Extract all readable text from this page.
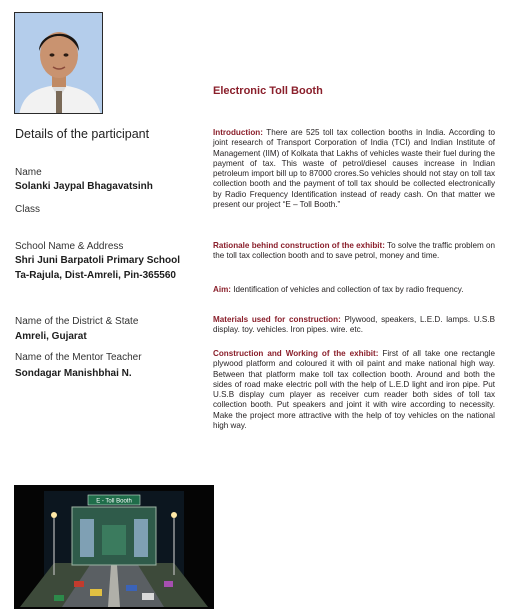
Details of the participant
Name
Solanki Jaypal Bhagavatsinh
Class
School Name & Address
Shri Juni Barpatoli Primary School
Ta-Rajula, Dist-Amreli, Pin-365560
Name of the District & State
Amreli, Gujarat
Name of the Mentor Teacher
Sondagar Manishbhai N.
Electronic Toll Booth
Introduction: There are 525 toll tax collection booths in India. According to joint research of Transport Corporation of India (TCI) and Indian Institute of Management (IIM) of Kolkata that Lakhs of vehicles waste their fuel during the payment of tax. This waste of petrol/diesel causes increase in Indian petroleum import bill up to 87000 crores.So vehicles should not stay on toll tax collection booth and the payment of toll tax should be collected electronically by Radio Frequency Identification instead of ready cash. On that matter we present our project “E – Toll Booth.”
Rationale behind construction of the exhibit: To solve the traffic problem on the toll tax collection booth and to save petrol, money and time.
Aim: Identification of vehicles and collection of tax by radio frequency.
Materials used for construction: Plywood, speakers, L.E.D. lamps. U.S.B display. toy. vehicles. Iron pipes. wire. etc.
Construction and Working of the exhibit: First of all take one rectangle plywood platform and coloured it with oil paint and make national high way. Between that platform make toll tax collection booth. Around and both the sides of road make electric poll with the help of L.E.D light and iron pipe. Put U.S.B display cum player as receiver cum reader both sides of toll tax collection booth. Put speakers and joint it with wire according to necessity. Make the project more attractive with the help of toy vehicles on the national high way.
E - Toll Booth
